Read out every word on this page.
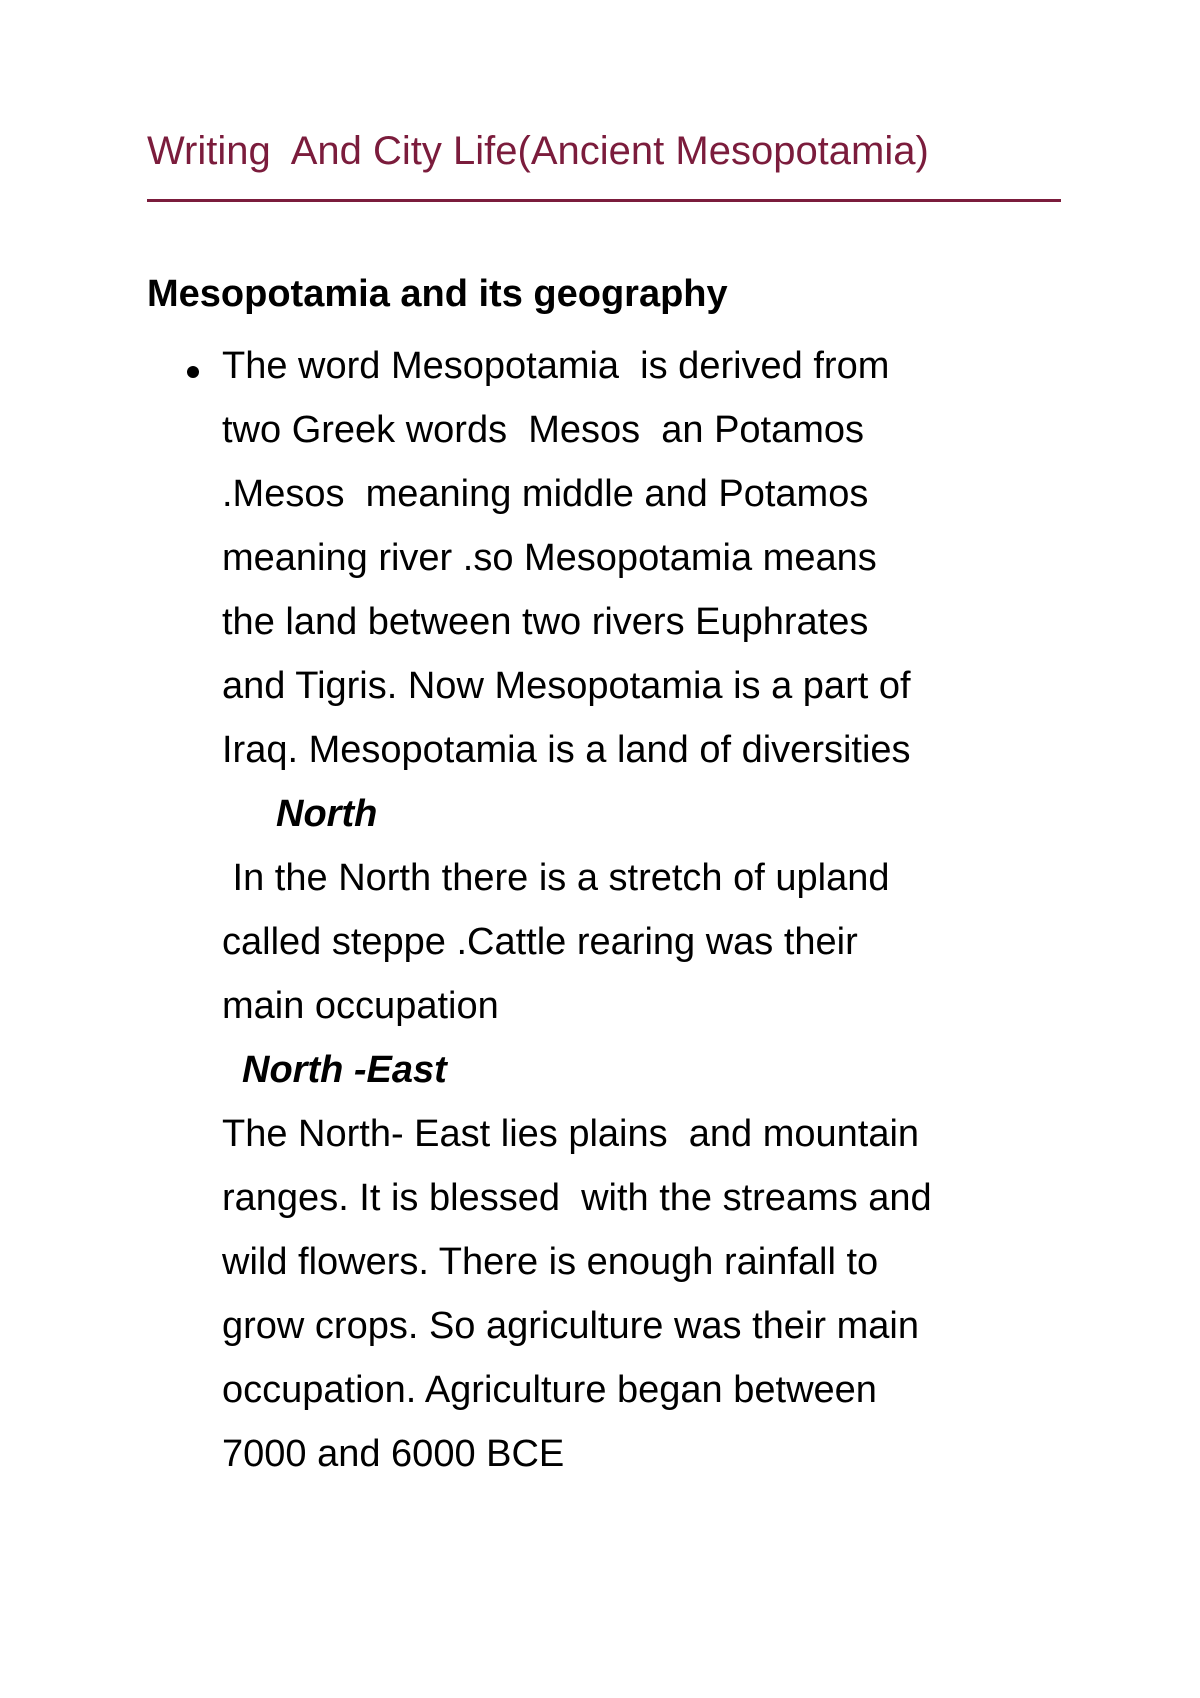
Writing  And City Life(Ancient Mesopotamia)
Mesopotamia and its geography

The word Mesopotamia  is derived from

two Greek words  Mesos  an Potamos

.Mesos  meaning middle and Potamos

meaning river .so Mesopotamia means

the land between two rivers Euphrates

and Tigris. Now Mesopotamia is a part of

Iraq. Mesopotamia is a land of diversities

North

In the North there is a stretch of upland

called steppe .Cattle rearing was their

main occupation

North -East

The North- East lies plains  and mountain

ranges. It is blessed  with the streams and

wild flowers. There is enough rainfall to

grow crops. So agriculture was their main

occupation. Agriculture began between

7000 and 6000 BCE
